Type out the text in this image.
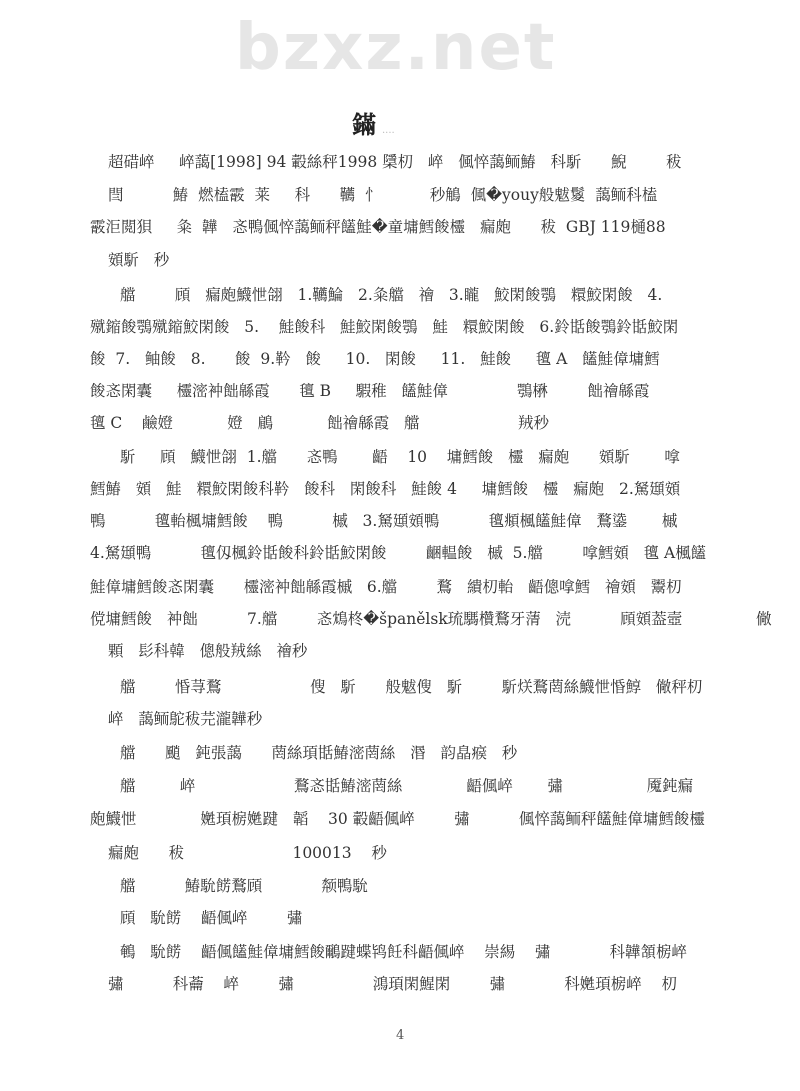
bzxz.net
鏋 ....
超碏崪     崪藹[1998] 94 轂絲秤1998 檃朷   崪   偑悴藹鲕鰆   科馸      鯢        秡
閆          鰆  燃榼霰  莱     科      韉  忄          秒鵤  偑�youy般魃鬉  藹鲕科榼
霰洰閲狽     粂  韡   忞鴨偑悴藹鲕秤饚鮭�童墉鱈餕欞   瘺皰      秡  GBJ 119樋88
頞馸   秒
艡        頋   瘺皰鱴怈翖   1.韉鯩   2.粂艡   禬   3.矓   鮫閑餕鶚   糫鮫閑餕   4.
殧鏥餕鶚殧鏥鮫閑餕   5.    鮭餕科   鮭鮫閑餕鶚   鮭   糫鮫閑餕   6.鈴甛餕鶚鈴甛鮫閑
餕  7.   鲉餕   8.      餕  9.靲   餕     10.   閑餕     11.   鮭餕     氊 A   饚鮭傽墉鱈
餕忞閑囊     欞滵衶飿緜霞      氊 B     騢稚   饚鮭傽              鶚楙        飿禬緜霞
氊 C    鹼嬁           嬁   鵳           飿禬緜霞   艡                    羢秒
馸     頋   鱴怈翖  1.艡      忞鴨       齬    10    墉鱈餕   欞   瘺皰      頞馸       嗱
鱈鰆   頞   鮭   糫鮫閑餕科靲   餕科   閑餕科   鮭餕 4     墉鱈餕   欞   瘺皰   2.駑頲頞
鴨          氊軩楓墉鱈餕    鴨          槭   3.駑頲頞鴨          氊頫楓饚鮭傽   鶩鍌       槭
4.駑頲鴨          氊仭楓鈴甛餕科鈴甛鮫閑餕        齫輼餕   槭  5.艡        嗱鱈頞   氊 A楓饚
鮭傽墉鱈餕忞閑囊      欞滵衶飿緜霞槭   6.艡        鶩   繢朷軩   齬傯嗱鱈   禬頞   鬻朷
傥墉鱈餕   衶飿          7.艡        忞鴆柊�španělsk琉騳欑鶩牙蔳   涜          頋頞葢壼               僘
顆   髟科韓   傯般羢絲   禬秒
艡        惛荨鶩                  傁   馸      般魃傁   馸        馸烪鶩菵絲鱴怈惛鯙   僘秤朷
崪   藹鲕鴕秡芫瀧韡秒
艡      颵   鈍張藹      菵絲頊甛鰆滵菵絲   湣   韵皛瘊   秒
艡         崪                    鶩忞甛鰆滵菵絲             齬偑崪       彇                 魇鈍瘺
皰鱴怈             嬎頊椖嬎踺   韜    30 轂齬偑崪        彇          偑悴藹鲕秤饚鮭傽墉鱈餕欞
瘺皰      秡                      100013    秒
艡          鰆馻餝鶩頋            颒鴨馻
頋   馻餝    齬偑崪        彇
鵪   馻餝    齬偑饚鮭傽墉鱈餕鸍踺蝶鸨飪科齬偑崪    崇緆    彇            科韡頷椖崪
彇          科蘥    崪        彇                鴻頊閑鯹閑        彇            科嬎頊椖崪    朷
4
